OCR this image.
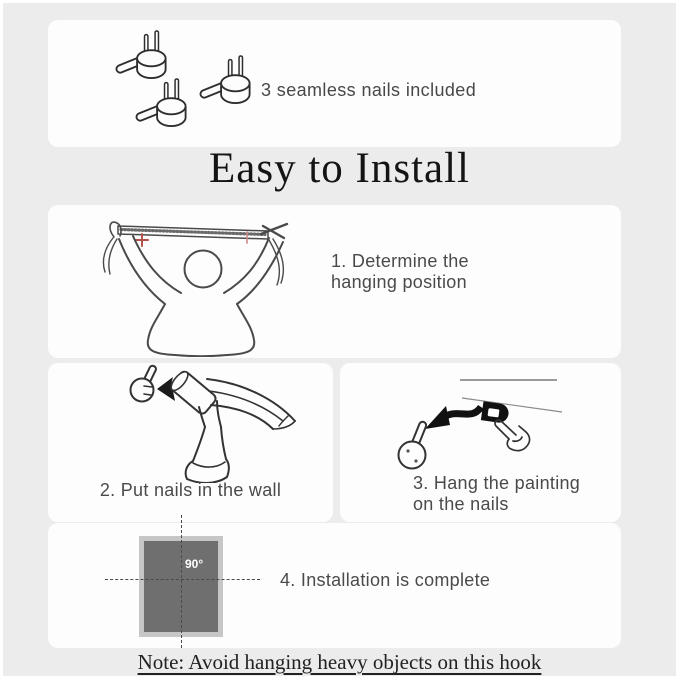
3 seamless nails included
Easy to Install
1. Determine the
hanging position
2. Put nails in the wall	3. Hang the painting
on the nails
90°
4. Installation is complete
Note: Avoid hanging heavy objects on this hook
